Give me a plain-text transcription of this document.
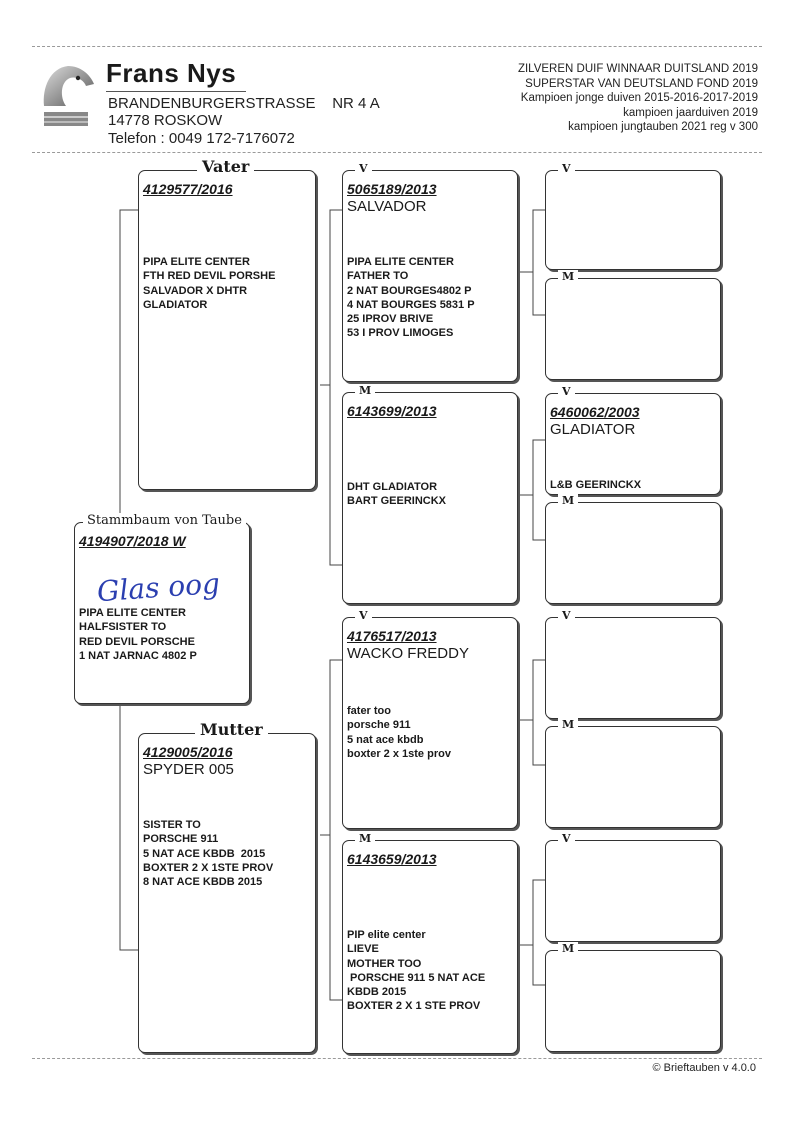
Frans Nys
BRANDENBURGERSTRASSE    NR 4 A
14778 ROSKOW
Telefon : 0049 172-7176072
ZILVEREN DUIF WINNAAR DUITSLAND 2019
SUPERSTAR VAN DEUTSLAND FOND 2019
Kampioen jonge duiven 2015-2016-2017-2019
kampioen jaarduiven 2019
kampioen jungtauben 2021 reg v 300
Vater
4129577/2016
PIPA ELITE CENTER
FTH RED DEVIL PORSHE
SALVADOR X DHTR
GLADIATOR
Stammbaum von Taube
4194907/2018 W
Glas oog
PIPA ELITE CENTER
HALFSISTER TO
RED DEVIL PORSCHE
1 NAT JARNAC 4802 P
Mutter
4129005/2016
SPYDER 005
SISTER TO
PORSCHE 911
5 NAT ACE KBDB  2015
BOXTER 2 X 1STE PROV
8 NAT ACE KBDB 2015
V
5065189/2013
SALVADOR
PIPA ELITE CENTER
FATHER TO
2 NAT BOURGES4802 P
4 NAT BOURGES 5831 P
25 IPROV BRIVE
53 I PROV LIMOGES
M
6143699/2013
DHT GLADIATOR
BART GEERINCKX
V
4176517/2013
WACKO FREDDY
fater too
porsche 911
5 nat ace kbdb
boxter 2 x 1ste prov
M
6143659/2013
PIP elite center
LIEVE
MOTHER TOO
PORSCHE 911 5 NAT ACE
KBDB 2015
BOXTER 2 X 1 STE PROV
V
M
V
6460062/2003
GLADIATOR
L&B GEERINCKX
M
V
M
V
M
© Brieftauben v 4.0.0
